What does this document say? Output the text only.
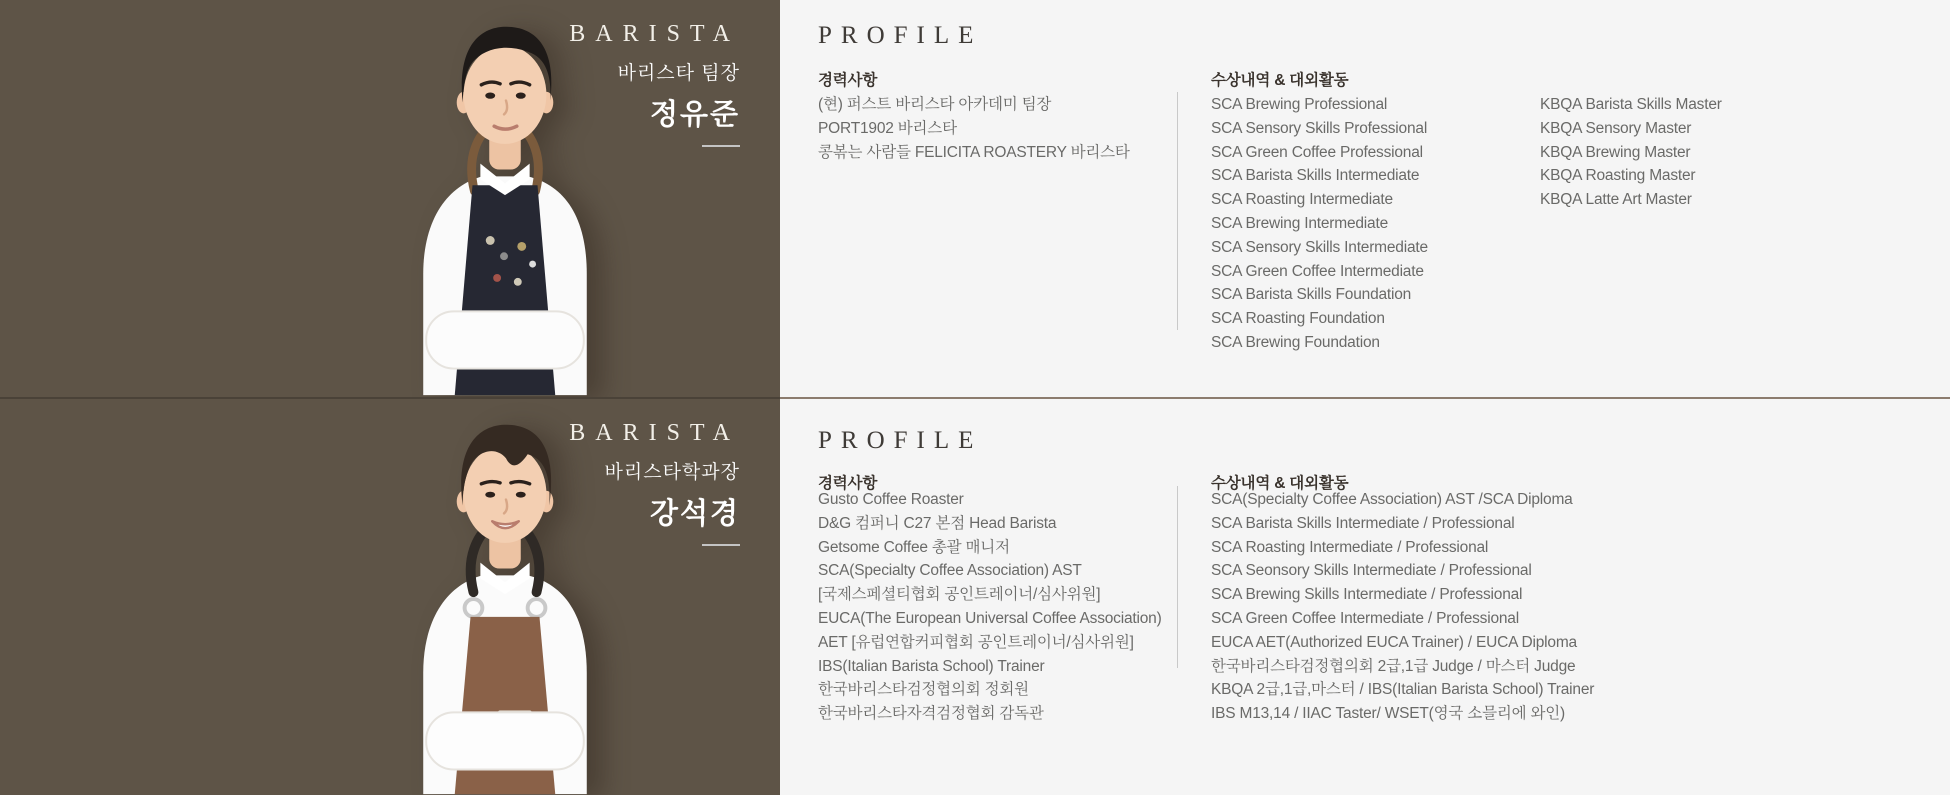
BARISTA
바리스타 팀장
정유준
PROFILE
경력사항
(현) 퍼스트 바리스타 아카데미 팀장
PORT1902 바리스타
콩볶는 사람들 FELICITA ROASTERY 바리스타
수상내역 & 대외활동
SCA Brewing Professional
SCA Sensory Skills Professional
SCA Green Coffee Professional
SCA Barista Skills Intermediate
SCA Roasting Intermediate
SCA Brewing Intermediate
SCA Sensory Skills Intermediate
SCA Green Coffee Intermediate
SCA Barista Skills Foundation
SCA Roasting Foundation
SCA Brewing Foundation
KBQA Barista Skills Master
KBQA Sensory Master
KBQA Brewing Master
KBQA Roasting Master
KBQA Latte Art Master
BARISTA
바리스타학과장
강석경
PROFILE
경력사항
Gusto Coffee Roaster
D&G 컴퍼니 C27 본점 Head Barista
Getsome Coffee 총괄 매니저
SCA(Specialty Coffee Association) AST
[국제스페셜티협회 공인트레이너/심사위원]
EUCA(The European Universal Coffee Association)
AET [유럽연합커피협회 공인트레이너/심사위원]
IBS(Italian Barista School) Trainer
한국바리스타검정협의회 정회원
한국바리스타자격검정협회 감독관
수상내역 & 대외활동
SCA(Specialty Coffee Association) AST /SCA Diploma
SCA Barista Skills Intermediate / Professional
SCA Roasting Intermediate / Professional
SCA Seonsory Skills Intermediate / Professional
SCA Brewing Skills Intermediate / Professional
SCA Green Coffee Intermediate / Professional
EUCA AET(Authorized EUCA Trainer) / EUCA Diploma
한국바리스타검정협의회 2급,1급 Judge / 마스터 Judge
KBQA 2급,1급,마스터 / IBS(Italian Barista School) Trainer
IBS M13,14 / IIAC Taster/ WSET(영국 소믈리에 와인)
